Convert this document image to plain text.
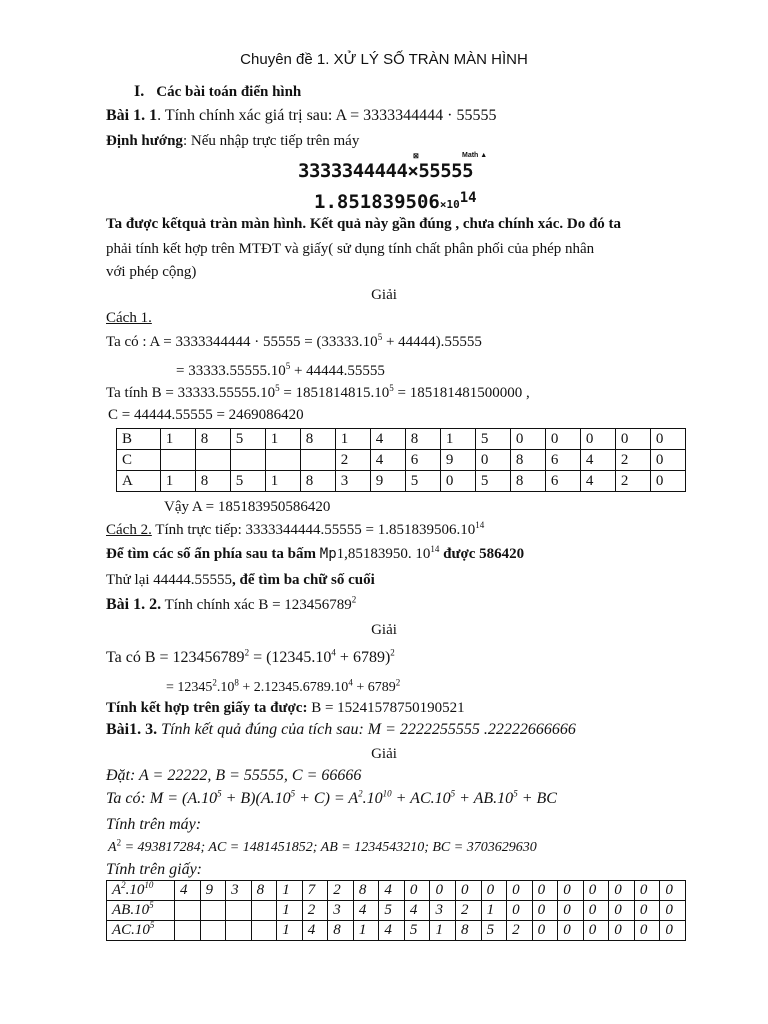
Chuyên đề 1. XỬ LÝ SỐ TRÀN MÀN HÌNH
I. Các bài toán điển hình
Bài 1. 1. Tính chính xác giá trị sau: A = 3333344444 · 55555
Định hướng: Nếu nhập trực tiếp trên máy
⊠	Math ▲
3333344444×55555
$1.851839506\times 10^{14}$
Ta được kếtquả tràn màn hình. Kết quả này gần đúng , chưa chính xác. Do đó ta
phải tính kết hợp trên MTĐT và giấy( sử dụng tính chất phân phối của phép nhân
với phép cộng)
Giải
Cách 1.
Ta có : $A = 3333344444 \cdot 55555 = (33333.10^5 + 44444).55555$
= $33333.55555.10^5 + 44444.55555$
Ta tính $B = 33333.55555.10^5 = 1851814815.10^5 = 185181481500000$ ,
C = 44444.55555 = 2469086420
B	1	8	5	1	8	1	4	8	1	5	0	0	0	0	0
C						2	4	6	9	0	8	6	4	2	0
A	1	8	5	1	8	3	9	5	0	5	8	6	4	2	0
Vậy A = 185183950586420
Cách 2. Tính trực tiếp: $3333344444.55555 = 1.851839506.10^{14}$
Để tìm các số ẩn phía sau ta bấm Mp1,85183950. $10^{14}$ được 586420
Thử lại 44444.55555, để tìm ba chữ số cuối
Bài 1. 2. Tính chính xác $B = 123456789^2$
Giải
Ta có $B = 123456789^2 = (12345.10^4 + 6789)^2$
= $12345^2.10^8 + 2.12345.6789.10^4 + 6789^2$
Tính kết hợp trên giấy ta được: B = 15241578750190521
Bài1. 3. Tính kết quả đúng của tích sau: M = 2222255555 .22222666666
Giải
Đặt: A = 22222, B = 55555, C = 66666
Ta có: $M = (A.10^5 + B)(A.10^5 + C) = A^2.10^{10} + AC.10^5 + AB.10^5$ + BC
Tính trên máy:
$A^2 = 493817284$; AC = 1481451852; AB = 1234543210; BC = 3703629630
Tính trên giấy:
$A^2.10^{10}$	4	9	3	8	1	7	2	8	4	0	0	0	0	0	0	0	0	0	0	0
$AB.10^5$					1	2	3	4	5	4	3	2	1	0	0	0	0	0	0	0
$AC.10^5$					1	4	8	1	4	5	1	8	5	2	0	0	0	0	0	0
